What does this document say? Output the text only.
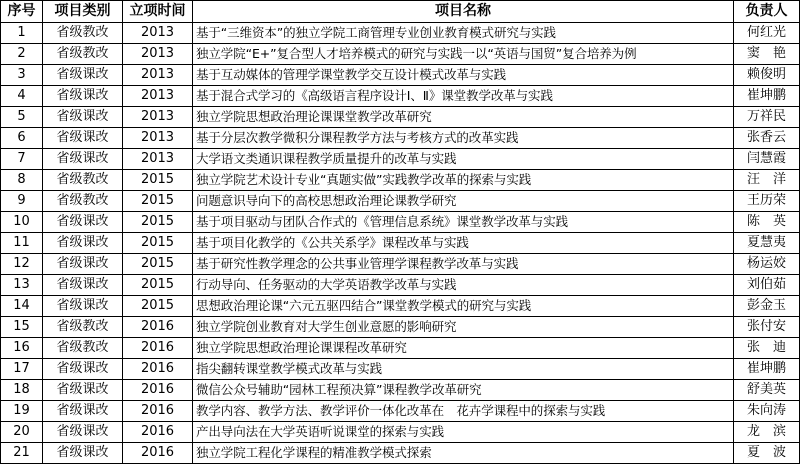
序号	项目类别	立项时间	项目名称	负责人
1	省级教改	2013	基于“三维资本”的独立学院工商管理专业创业教育模式研究与实践	何红光
2	省级教改	2013	独立学院“E+”复合型人才培养模式的研究与实践一以“英语与国贸”复合培养为例	窦　艳
3	省级课改	2013	基于互动媒体的管理学课堂教学交互设计模式改革与实践	赖俊明
4	省级课改	2013	基于混合式学习的《高级语言程序设计Ⅰ、Ⅱ》课堂教学改革与实践	崔坤鹏
5	省级课改	2013	独立学院思想政治理论课课堂教学改革研究	万祥民
6	省级课改	2013	基于分层次教学微积分课程教学方法与考核方式的改革实践	张香云
7	省级课改	2013	大学语文类通识课程教学质量提升的改革与实践	闫慧霞
8	省级教改	2015	独立学院艺术设计专业“真题实做”实践教学改革的探索与实践	汪　洋
9	省级教改	2015	问题意识导向下的高校思想政治理论课教学研究	王历荣
10	省级课改	2015	基于项目驱动与团队合作式的《管理信息系统》课堂教学改革与实践	陈　英
11	省级课改	2015	基于项目化教学的《公共关系学》课程改革与实践	夏慧夷
12	省级课改	2015	基于研究性教学理念的公共事业管理学课程教学改革与实践	杨运姣
13	省级课改	2015	行动导向、任务驱动的大学英语教学改革与实践	刘伯茹
14	省级课改	2015	思想政治理论课“六元五驱四结合”课堂教学模式的研究与实践	彭金玉
15	省级教改	2016	独立学院创业教育对大学生创业意愿的影响研究	张付安
16	省级教改	2016	独立学院思想政治理论课课程改革研究	张　迪
17	省级课改	2016	指尖翻转课堂教学模式改革与实践	崔坤鹏
18	省级课改	2016	微信公众号辅助“园林工程预决算”课程教学改革研究	舒美英
19	省级课改	2016	教学内容、教学方法、教学评价一体化改革在　花卉学课程中的探索与实践	朱向涛
20	省级课改	2016	产出导向法在大学英语听说课堂的探索与实践	龙　滨
21	省级课改	2016	独立学院工程化学课程的精准教学模式探索	夏　波
